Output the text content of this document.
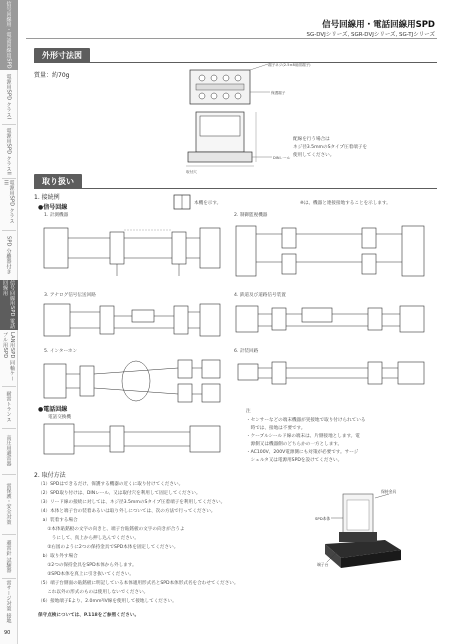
信号回線用・電話回線用SPD
電源用SPD クラスI
電源用SPD クラスII
電源用SPD クラスIII
SPD 分離器付き
信号回線用SPD 電話回線用
LAN用SPD 同軸ケーブル用SPD
耐雷トランス
高圧用避雷器
雷保護・安全対策
避雷針 試験器
雷サージ対策 接地
信号回線用・電話回線用SPD
SG-DVJシリーズ, SGR-DVJシリーズ, SG-TJシリーズ
外形寸法図
質量：約70g
端子ネジ(2.5×8前面端子)
保護端子
DINレール
取付穴
配線を行う場合は
ネジ径3.5mmのSタイプ圧着端子を
使用してください。
取り扱い
1. 接続例
●信号回線
本機を示す。	※は、機器と連接接地することを示します。
1. 計測機器	2. 制御監視機器
3. アナログ信号伝送回路	4. 鉄道及び道路信号装置
5. インターホン	6. 計装回路
●電話回線
電話交換機
注
・センサーなどの端末機器が実接地で取り付けられている
　時では、接地は不要です。
・ケーブルシールド線の端末は、片側接地とします。電
　源側又は機器側のどちらかの一方とします。
・AC100V、200V電源側にも対策が必要です。サージ
　シェルタ又は電源用SPDを設けてください。
2. 取付方法
（1）SPDはできるだけ、保護する機器の近くに取り付けてください。
（2）SPD取り付けは、DINレール、又は取付穴を利用して固定してください。
（3）リード線の接続に対しては、ネジ径3.5mmのSタイプ圧着端子を利用してください。
（4）本体と端子台の装着あるいは取り外しについては、次の方法で行ってください。
　a）装着する場合
　　①本体貼銘板の文字の向きと、端子台貼銘板の文字の向きが合うよ
　　　うにして、真上から押し込んでください。
　　②右図のように2つの保持金具でSPD本体を固定してください。
　b）取り外す場合
　　①2つの保持金具をSPD本体から外します。
　　②SPD本体を真上に引き抜いてください。
（5）端子台側面の貼銘板に明記している本体適用形式名とSPD本体形式名を合わせてください。
　　これ以外の形式のものは使用しないでください。
（6）接地端子Eより、2.0mm²IV線を使用して接地してください。
保持金具
SPD本体
端子台
保守点検については、P.118をご参照ください。
90
